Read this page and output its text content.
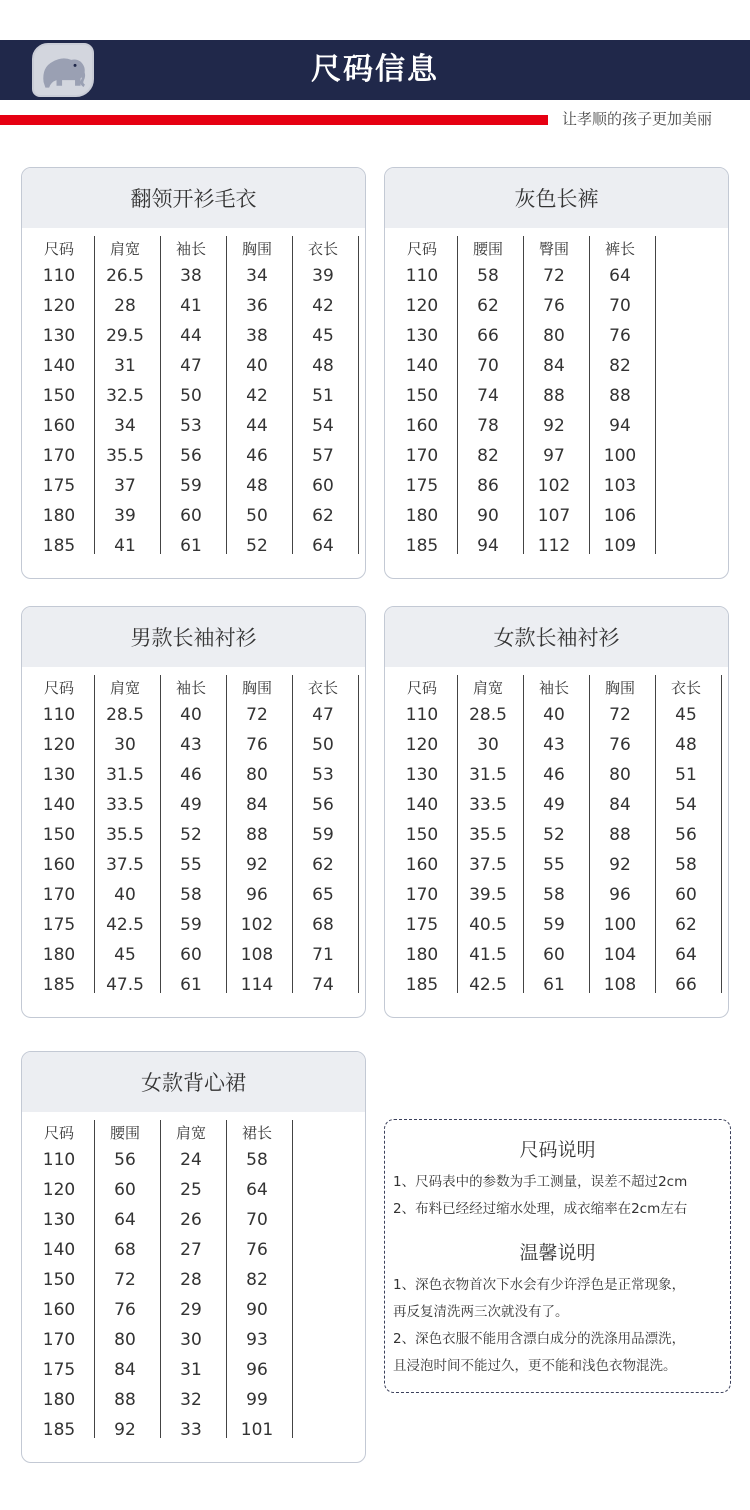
尺码信息
让孝顺的孩子更加美丽
翻领开衫毛衣
尺码	肩宽	袖长	胸围	衣长
110	26.5	38	34	39
120	28	41	36	42
130	29.5	44	38	45
140	31	47	40	48
150	32.5	50	42	51
160	34	53	44	54
170	35.5	56	46	57
175	37	59	48	60
180	39	60	50	62
185	41	61	52	64
灰色长裤
尺码	腰围	臀围	裤长
110	58	72	64
120	62	76	70
130	66	80	76
140	70	84	82
150	74	88	88
160	78	92	94
170	82	97	100
175	86	102	103
180	90	107	106
185	94	112	109
男款长袖衬衫
尺码	肩宽	袖长	胸围	衣长
110	28.5	40	72	47
120	30	43	76	50
130	31.5	46	80	53
140	33.5	49	84	56
150	35.5	52	88	59
160	37.5	55	92	62
170	40	58	96	65
175	42.5	59	102	68
180	45	60	108	71
185	47.5	61	114	74
女款长袖衬衫
尺码	肩宽	袖长	胸围	衣长
110	28.5	40	72	45
120	30	43	76	48
130	31.5	46	80	51
140	33.5	49	84	54
150	35.5	52	88	56
160	37.5	55	92	58
170	39.5	58	96	60
175	40.5	59	100	62
180	41.5	60	104	64
185	42.5	61	108	66
女款背心裙
尺码	腰围	肩宽	裙长
110	56	24	58
120	60	25	64
130	64	26	70
140	68	27	76
150	72	28	82
160	76	29	90
170	80	30	93
175	84	31	96
180	88	32	99
185	92	33	101
尺码说明
1、尺码表中的参数为手工测量，误差不超过2cm
2、布料已经经过缩水处理，成衣缩率在2cm左右
温馨说明
1、深色衣物首次下水会有少许浮色是正常现象，
再反复清洗两三次就没有了。
2、深色衣服不能用含漂白成分的洗涤用品漂洗，
且浸泡时间不能过久，更不能和浅色衣物混洗。
